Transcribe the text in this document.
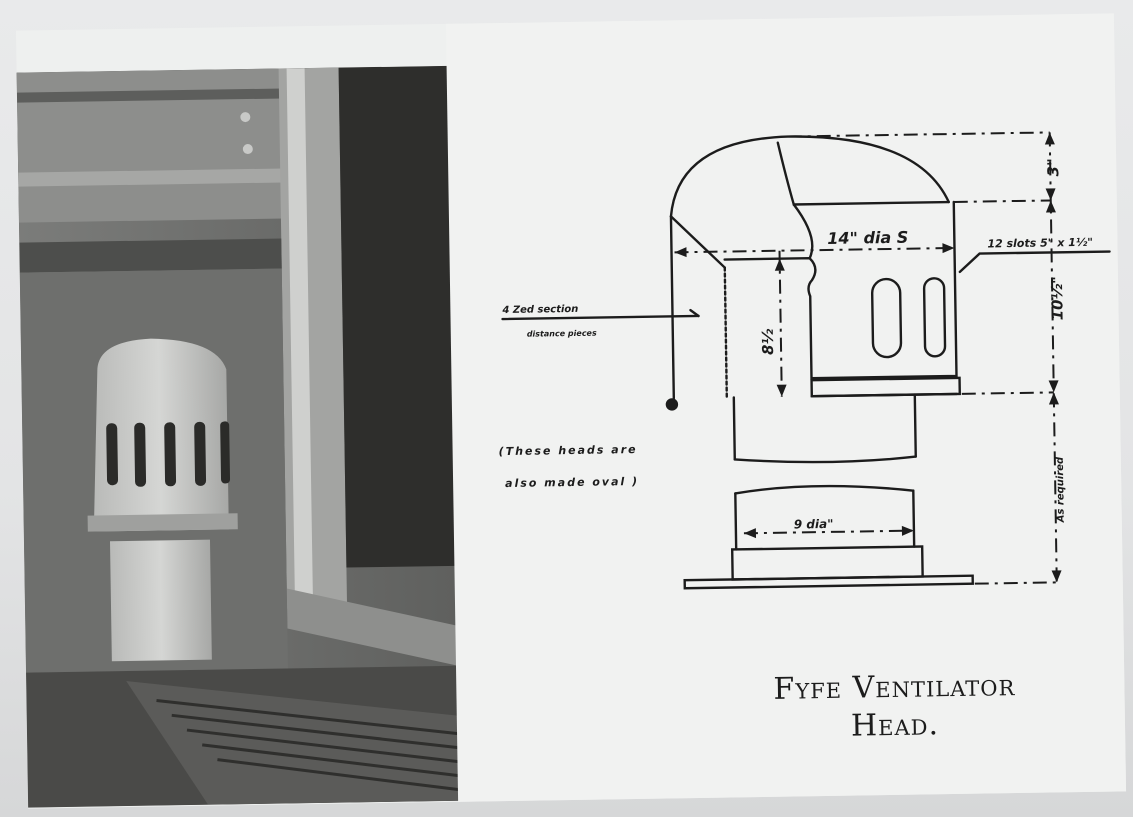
14" dia S	12 slots 5" x 1½"
4 Zed section
distance pieces
3"
8½
10½"
As required
(These heads are
also made oval )
9 dia"
Fyfe Ventilator
Head.
